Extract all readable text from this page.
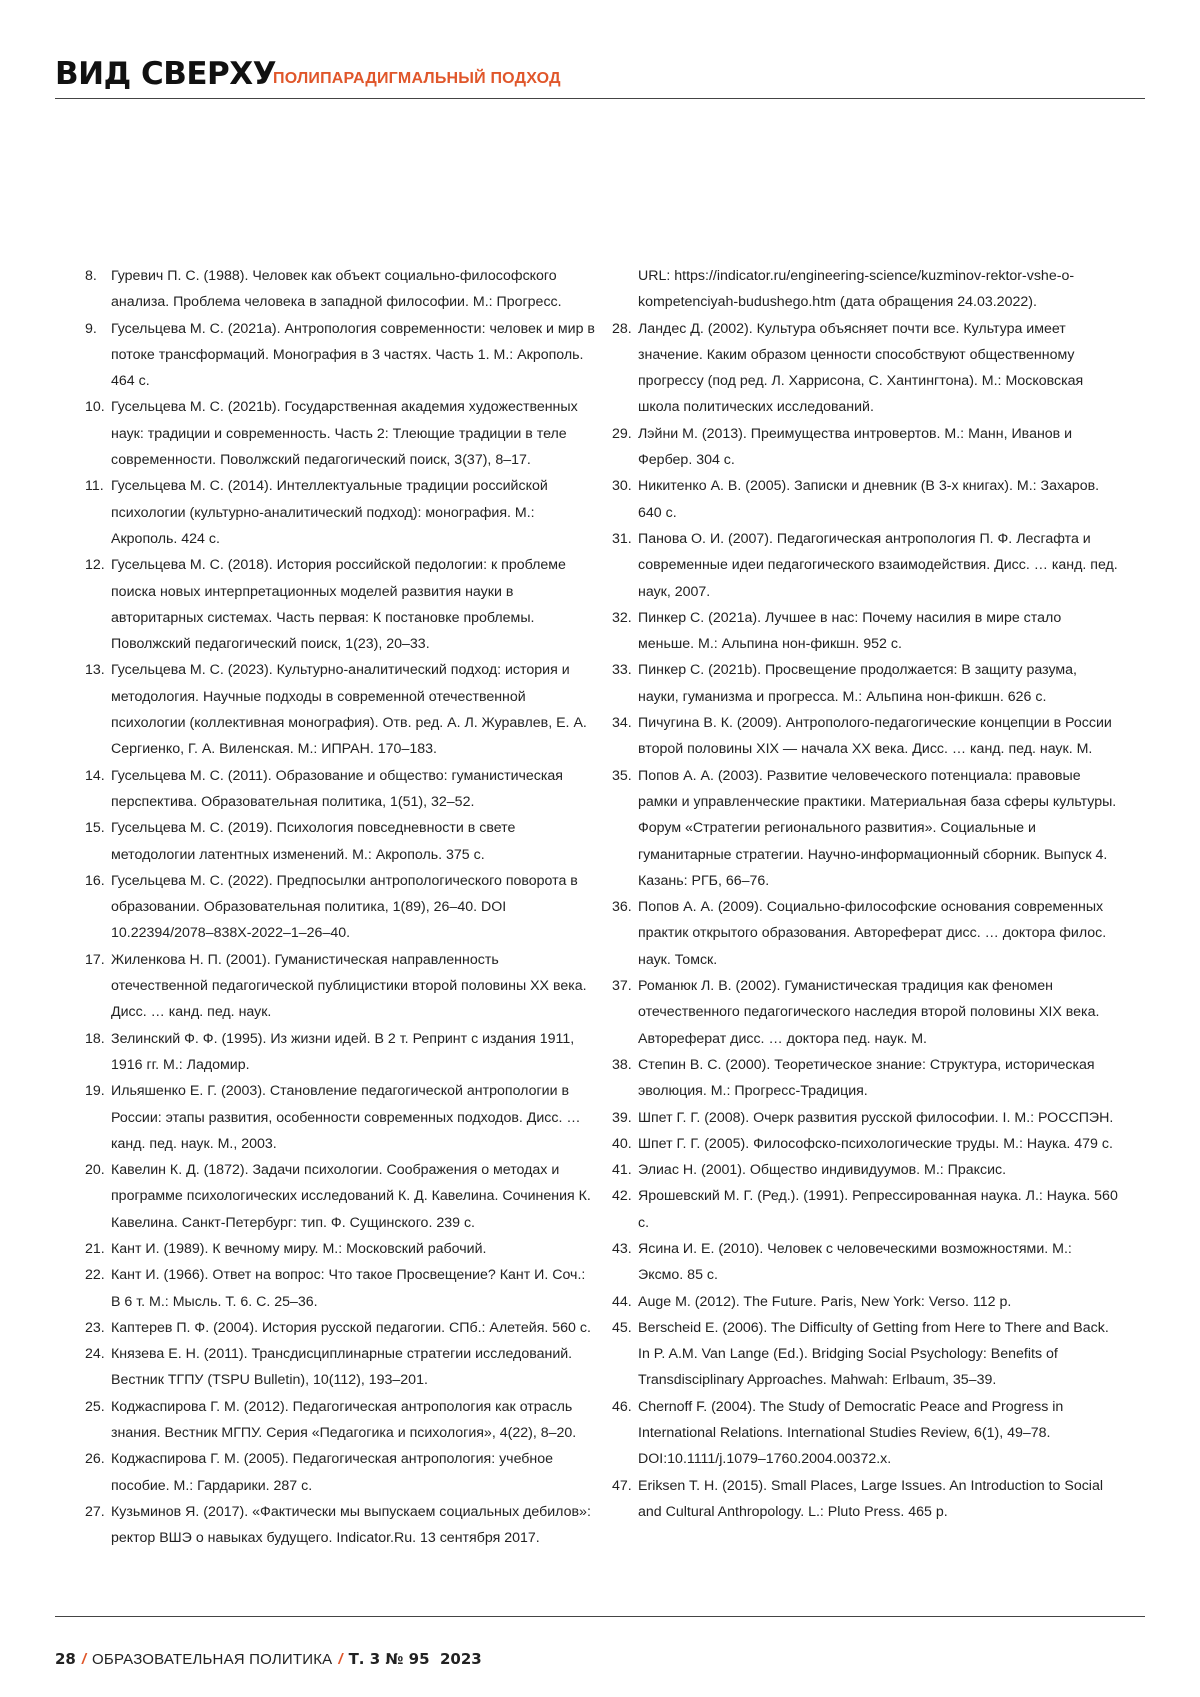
ВИД СВЕРХУ
ПОЛИПАРАДИГМАЛЬНЫЙ ПОДХОД
8. Гуревич П. С. (1988). Человек как объект социально-философского анализа. Проблема человека в западной философии. М.: Прогресс.
9. Гусельцева М. С. (2021a). Антропология современности: человек и мир в потоке трансформаций. Монография в 3 частях. Часть 1. М.: Акрополь. 464 с.
10. Гусельцева М. С. (2021b). Государственная академия художественных наук: традиции и современность. Часть 2: Тлеющие традиции в теле современности. Поволжский педагогический поиск, 3(37), 8–17.
11. Гусельцева М. С. (2014). Интеллектуальные традиции российской психологии (культурно-аналитический подход): монография. М.: Акрополь. 424 с.
12. Гусельцева М. С. (2018). История российской педологии: к проблеме поиска новых интерпретационных моделей развития науки в авторитарных системах. Часть первая: К постановке проблемы. Поволжский педагогический поиск, 1(23), 20–33.
13. Гусельцева М. С. (2023). Культурно-аналитический подход: история и методология. Научные подходы в современной отечественной психологии (коллективная монография). Отв. ред. А. Л. Журавлев, Е. А. Сергиенко, Г. А. Виленская. М.: ИПРАН. 170–183.
14. Гусельцева М. С. (2011). Образование и общество: гуманистическая перспектива. Образовательная политика, 1(51), 32–52.
15. Гусельцева М. С. (2019). Психология повседневности в свете методологии латентных изменений. М.: Акрополь. 375 с.
16. Гусельцева М. С. (2022). Предпосылки антропологического поворота в образовании. Образовательная политика, 1(89), 26–40. DOI 10.22394/2078–838X-2022–1–26–40.
17. Жиленкова Н. П. (2001). Гуманистическая направленность отечественной педагогической публицистики второй половины XX века. Дисс. … канд. пед. наук.
18. Зелинский Ф. Ф. (1995). Из жизни идей. В 2 т. Репринт с издания 1911, 1916 гг. М.: Ладомир.
19. Ильяшенко Е. Г. (2003). Становление педагогической антропологии в России: этапы развития, особенности современных подходов. Дисс. … канд. пед. наук. М., 2003.
20. Кавелин К. Д. (1872). Задачи психологии. Соображения о методах и программе психологических исследований К. Д. Кавелина. Сочинения К. Кавелина. Санкт-Петербург: тип. Ф. Сущинского. 239 с.
21. Кант И. (1989). К вечному миру. М.: Московский рабочий.
22. Кант И. (1966). Ответ на вопрос: Что такое Просвещение? Кант И. Соч.: В 6 т. М.: Мысль. Т. 6. С. 25–36.
23. Каптерев П. Ф. (2004). История русской педагогии. СПб.: Алетейя. 560 с.
24. Князева Е. Н. (2011). Трансдисциплинарные стратегии исследований. Вестник ТГПУ (TSPU Bulletin), 10(112), 193–201.
25. Коджаспирова Г. М. (2012). Педагогическая антропология как отрасль знания. Вестник МГПУ. Серия «Педагогика и психология», 4(22), 8–20.
26. Коджаспирова Г. М. (2005). Педагогическая антропология: учебное пособие. М.: Гардарики. 287 с.
27. Кузьминов Я. (2017). «Фактически мы выпускаем социальных дебилов»: ректор ВШЭ о навыках будущего. Indicator.Ru. 13 сентября 2017.
URL: https://indicator.ru/engineering-science/kuzminov-rektor-vshe-o-kompetenciyah-budushego.htm (дата обращения 24.03.2022).
28. Ландес Д. (2002). Культура объясняет почти все. Культура имеет значение. Каким образом ценности способствуют общественному прогрессу (под ред. Л. Харрисона, С. Хантингтона). М.: Московская школа политических исследований.
29. Лэйни М. (2013). Преимущества интровертов. М.: Манн, Иванов и Фербер. 304 с.
30. Никитенко А. В. (2005). Записки и дневник (В 3-х книгах). М.: Захаров. 640 с.
31. Панова О. И. (2007). Педагогическая антропология П. Ф. Лесгафта и современные идеи педагогического взаимодействия. Дисс. … канд. пед. наук, 2007.
32. Пинкер С. (2021a). Лучшее в нас: Почему насилия в мире стало меньше. М.: Альпина нон-фикшн. 952 с.
33. Пинкер С. (2021b). Просвещение продолжается: В защиту разума, науки, гуманизма и прогресса. М.: Альпина нон-фикшн. 626 с.
34. Пичугина В. К. (2009). Антрополого-педагогические концепции в России второй половины XIX — начала XX века. Дисс. … канд. пед. наук. М.
35. Попов А. А. (2003). Развитие человеческого потенциала: правовые рамки и управленческие практики. Материальная база сферы культуры. Форум «Стратегии регионального развития». Социальные и гуманитарные стратегии. Научно-информационный сборник. Выпуск 4. Казань: РГБ, 66–76.
36. Попов А. А. (2009). Социально-философские основания современных практик открытого образования. Автореферат дисс. … доктора филос. наук. Томск.
37. Романюк Л. В. (2002). Гуманистическая традиция как феномен отечественного педагогического наследия второй половины XIX века. Автореферат дисс. … доктора пед. наук. М.
38. Степин В. С. (2000). Теоретическое знание: Структура, историческая эволюция. М.: Прогресс-Традиция.
39. Шпет Г. Г. (2008). Очерк развития русской философии. I. М.: РОССПЭН.
40. Шпет Г. Г. (2005). Философско-психологические труды. М.: Наука. 479 с.
41. Элиас Н. (2001). Общество индивидуумов. М.: Праксис.
42. Ярошевский М. Г. (Ред.). (1991). Репрессированная наука. Л.: Наука. 560 с.
43. Ясина И. Е. (2010). Человек с человеческими возможностями. М.: Эксмо. 85 с.
44. Auge M. (2012). The Future. Paris, New York: Verso. 112 p.
45. Berscheid E. (2006). The Difficulty of Getting from Here to There and Back. In P. A.M. Van Lange (Ed.). Bridging Social Psychology: Benefits of Transdisciplinary Approaches. Mahwah: Erlbaum, 35–39.
46. Chernoff F. (2004). The Study of Democratic Peace and Progress in International Relations. International Studies Review, 6(1), 49–78. DOI:10.1111/j.1079–1760.2004.00372.x.
47. Eriksen T. H. (2015). Small Places, Large Issues. An Introduction to Social and Cultural Anthropology. L.: Pluto Press. 465 p.
28 / ОБРАЗОВАТЕЛЬНАЯ ПОЛИТИКА / Т. 3 № 95  2023
